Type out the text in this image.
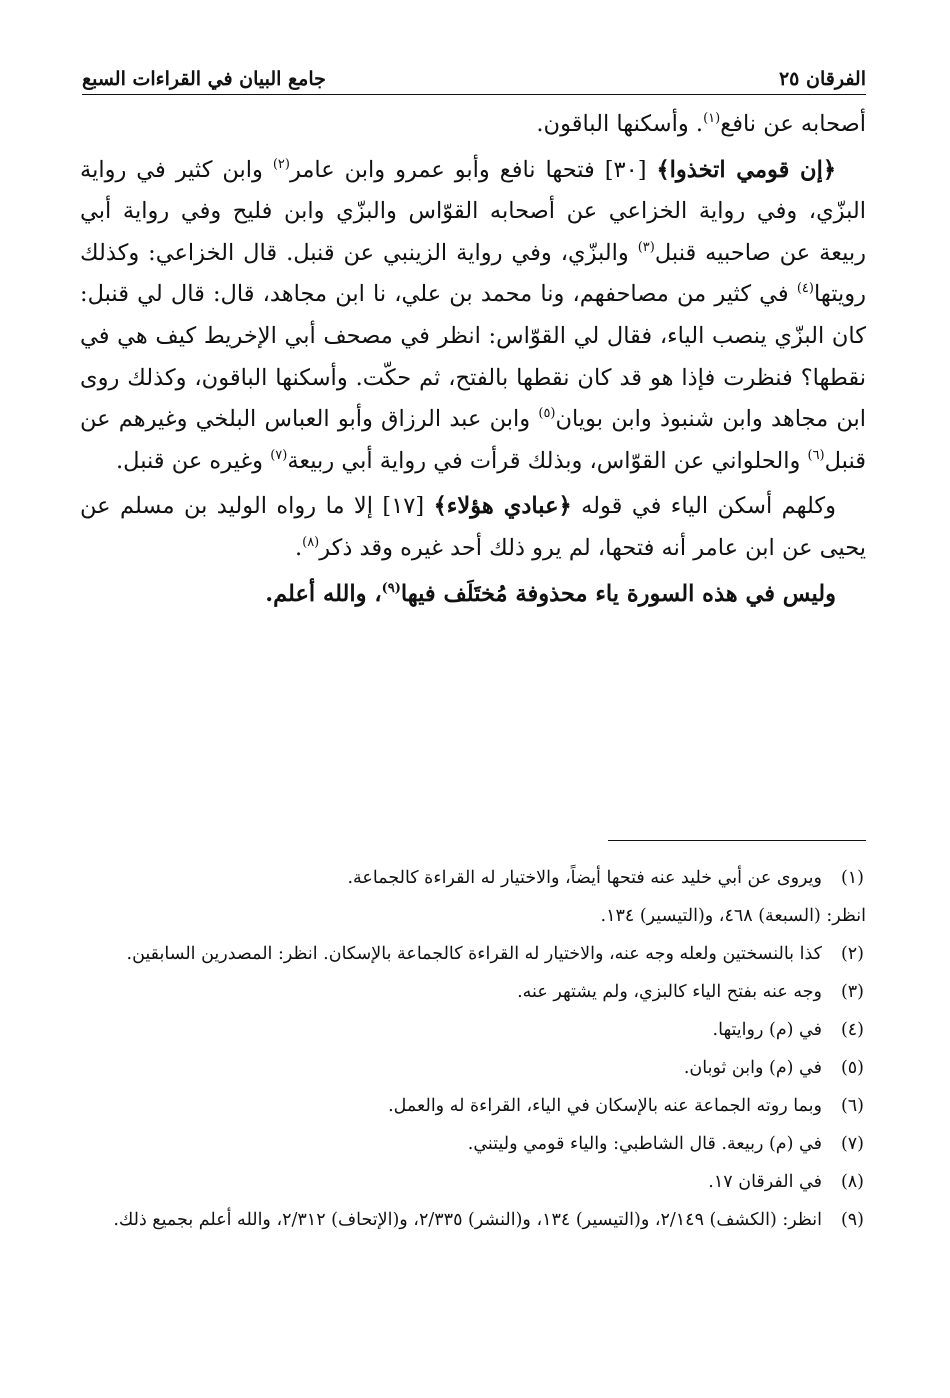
الفرقان ٢٥
جامع البيان في القراءات السبع

أصحابه عن نافع$^{(١)}$. وأسكنها الباقون.

﴿إن قومي اتخذوا﴾ [٣٠] فتحها نافع وأبو عمرو وابن عامر$^{(٢)}$ وابن كثير في رواية البزّي، وفي رواية الخزاعي عن أصحابه القوّاس والبزّي وابن فليح وفي رواية أبي ربيعة عن صاحبيه قنبل$^{(٣)}$ والبزّي، وفي رواية الزينبي عن قنبل. قال الخزاعي: وكذلك رويتها$^{(٤)}$ في كثير من مصاحفهم، ونا محمد بن علي، نا ابن مجاهد، قال: قال لي قنبل: كان البزّي ينصب الياء، فقال لي القوّاس: انظر في مصحف أبي الإخريط كيف هي في نقطها؟ فنظرت فإذا هو قد كان نقطها بالفتح، ثم حكّت. وأسكنها الباقون، وكذلك روى ابن مجاهد وابن شنبوذ وابن بويان$^{(٥)}$ وابن عبد الرزاق وأبو العباس البلخي وغيرهم عن قنبل$^{(٦)}$ والحلواني عن القوّاس، وبذلك قرأت في رواية أبي ربيعة$^{(٧)}$ وغيره عن قنبل.

وكلهم أسكن الياء في قوله ﴿عبادي هؤلاء﴾ [١٧] إلا ما رواه الوليد بن مسلم عن يحيى عن ابن عامر أنه فتحها، لم يرو ذلك أحد غيره وقد ذكر$^{(٨)}$.

وليس في هذه السورة ياء محذوفة مُختَلَف فيها$^{(٩)}$، والله أعلم.

(١)
ويروى عن أبي خليد عنه فتحها أيضاً، والاختيار له القراءة كالجماعة.
انظر: (السبعة) ٤٦٨، و(التيسير) ١٣٤.
(٢)
كذا بالنسختين ولعله وجه عنه، والاختيار له القراءة كالجماعة بالإسكان. انظر: المصدرين السابقين.
(٣)
وجه عنه بفتح الياء كالبزي، ولم يشتهر عنه.
(٤)
في (م) روايتها.
(٥)
في (م) وابن ثوبان.
(٦)
وبما روته الجماعة عنه بالإسكان في الياء، القراءة له والعمل.
(٧)
في (م) ربيعة. قال الشاطبي: والياء قومي وليتني.
(٨)
في الفرقان ١٧.
(٩)
انظر: (الكشف) ٢/١٤٩، و(التيسير) ١٣٤، و(النشر) ٢/٣٣٥، و(الإتحاف) ٢/٣١٢، والله أعلم بجميع ذلك.
